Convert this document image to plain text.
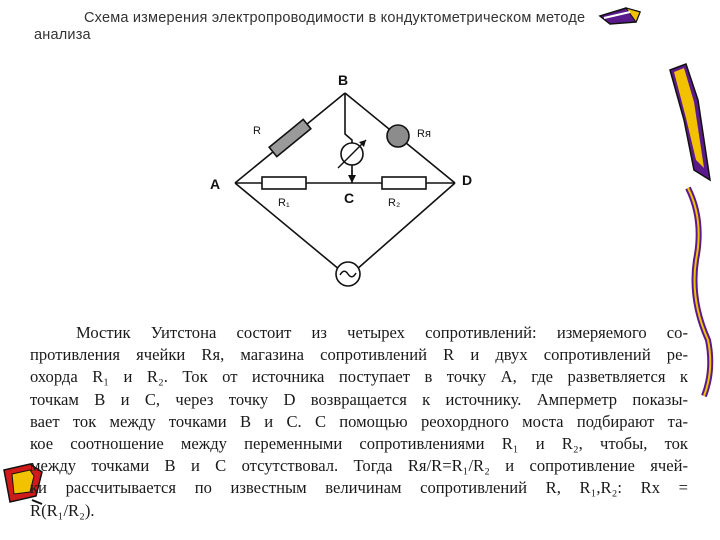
Схема измерения электропроводимости в кондуктометрическом методе
анализа
B
A
C
D
R	Rя
R₁	R₂
Мостик Уитстона состоит из четырех сопротивлений: измеряемого со-
противления ячейки Rя, магазина сопротивлений R и двух сопротивлений ре-
охорда R₁ и R₂. Ток от источника поступает в точку А, где разветвляется к
точкам В и С, через точку D возвращается к источнику. Амперметр показы-
вает ток между точками В и С. С помощью реохордного моста подбирают та-
кое соотношение между переменными сопротивлениями R₁ и R₂, чтобы, ток
между точками В и С отсутствовал. Тогда Rя/R=R₁/R₂ и сопротивление ячей-
ки рассчитывается по известным величинам сопротивлений R, R₁,R₂: Rх =
R(R₁/R₂).
